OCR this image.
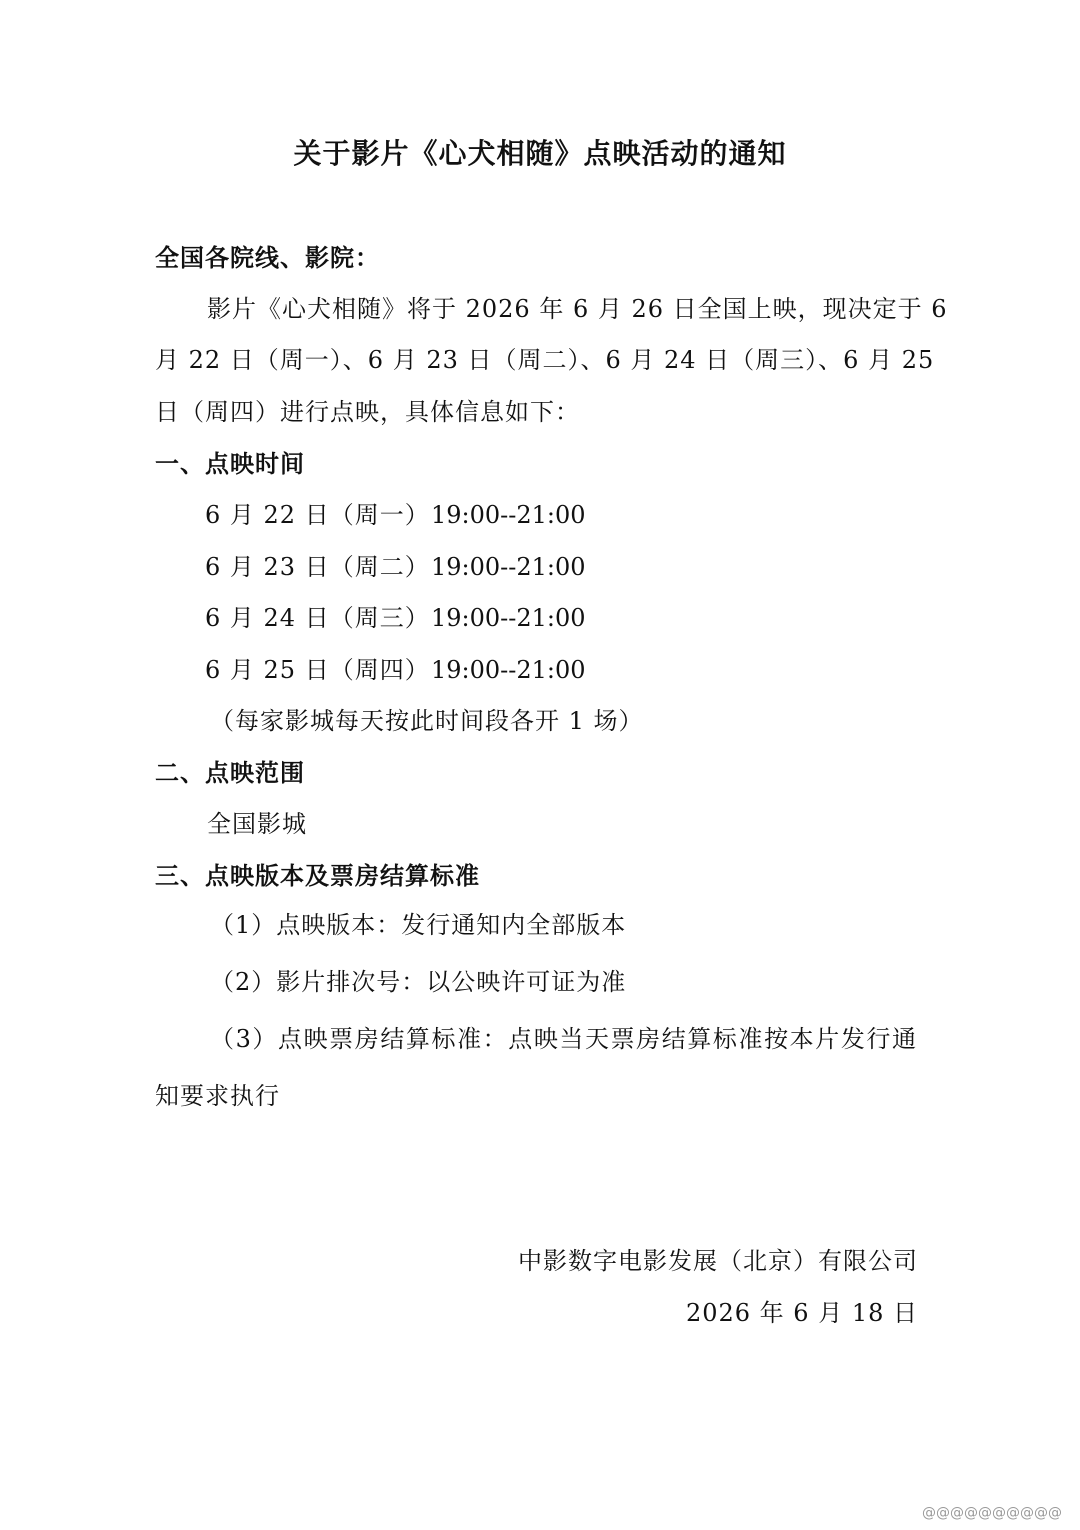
关于影片《心犬相随》点映活动的通知
全国各院线、影院：
影片《心犬相随》将于 2026 年 6 月 26 日全国上映，现决定于 6
月 22 日（周一）、6 月 23 日（周二）、6 月 24 日（周三）、6 月 25
日（周四）进行点映，具体信息如下：
一、点映时间
6 月 22 日（周一）19:00--21:00
6 月 23 日（周二）19:00--21:00
6 月 24 日（周三）19:00--21:00
6 月 25 日（周四）19:00--21:00
（每家影城每天按此时间段各开 1 场）
二、点映范围
全国影城
三、点映版本及票房结算标准
（1）点映版本：发行通知内全部版本
（2）影片排次号：以公映许可证为准
（3）点映票房结算标准：点映当天票房结算标准按本片发行通
知要求执行
中影数字电影发展（北京）有限公司
2026 年 6 月 18 日
@@@@@@@@@@
